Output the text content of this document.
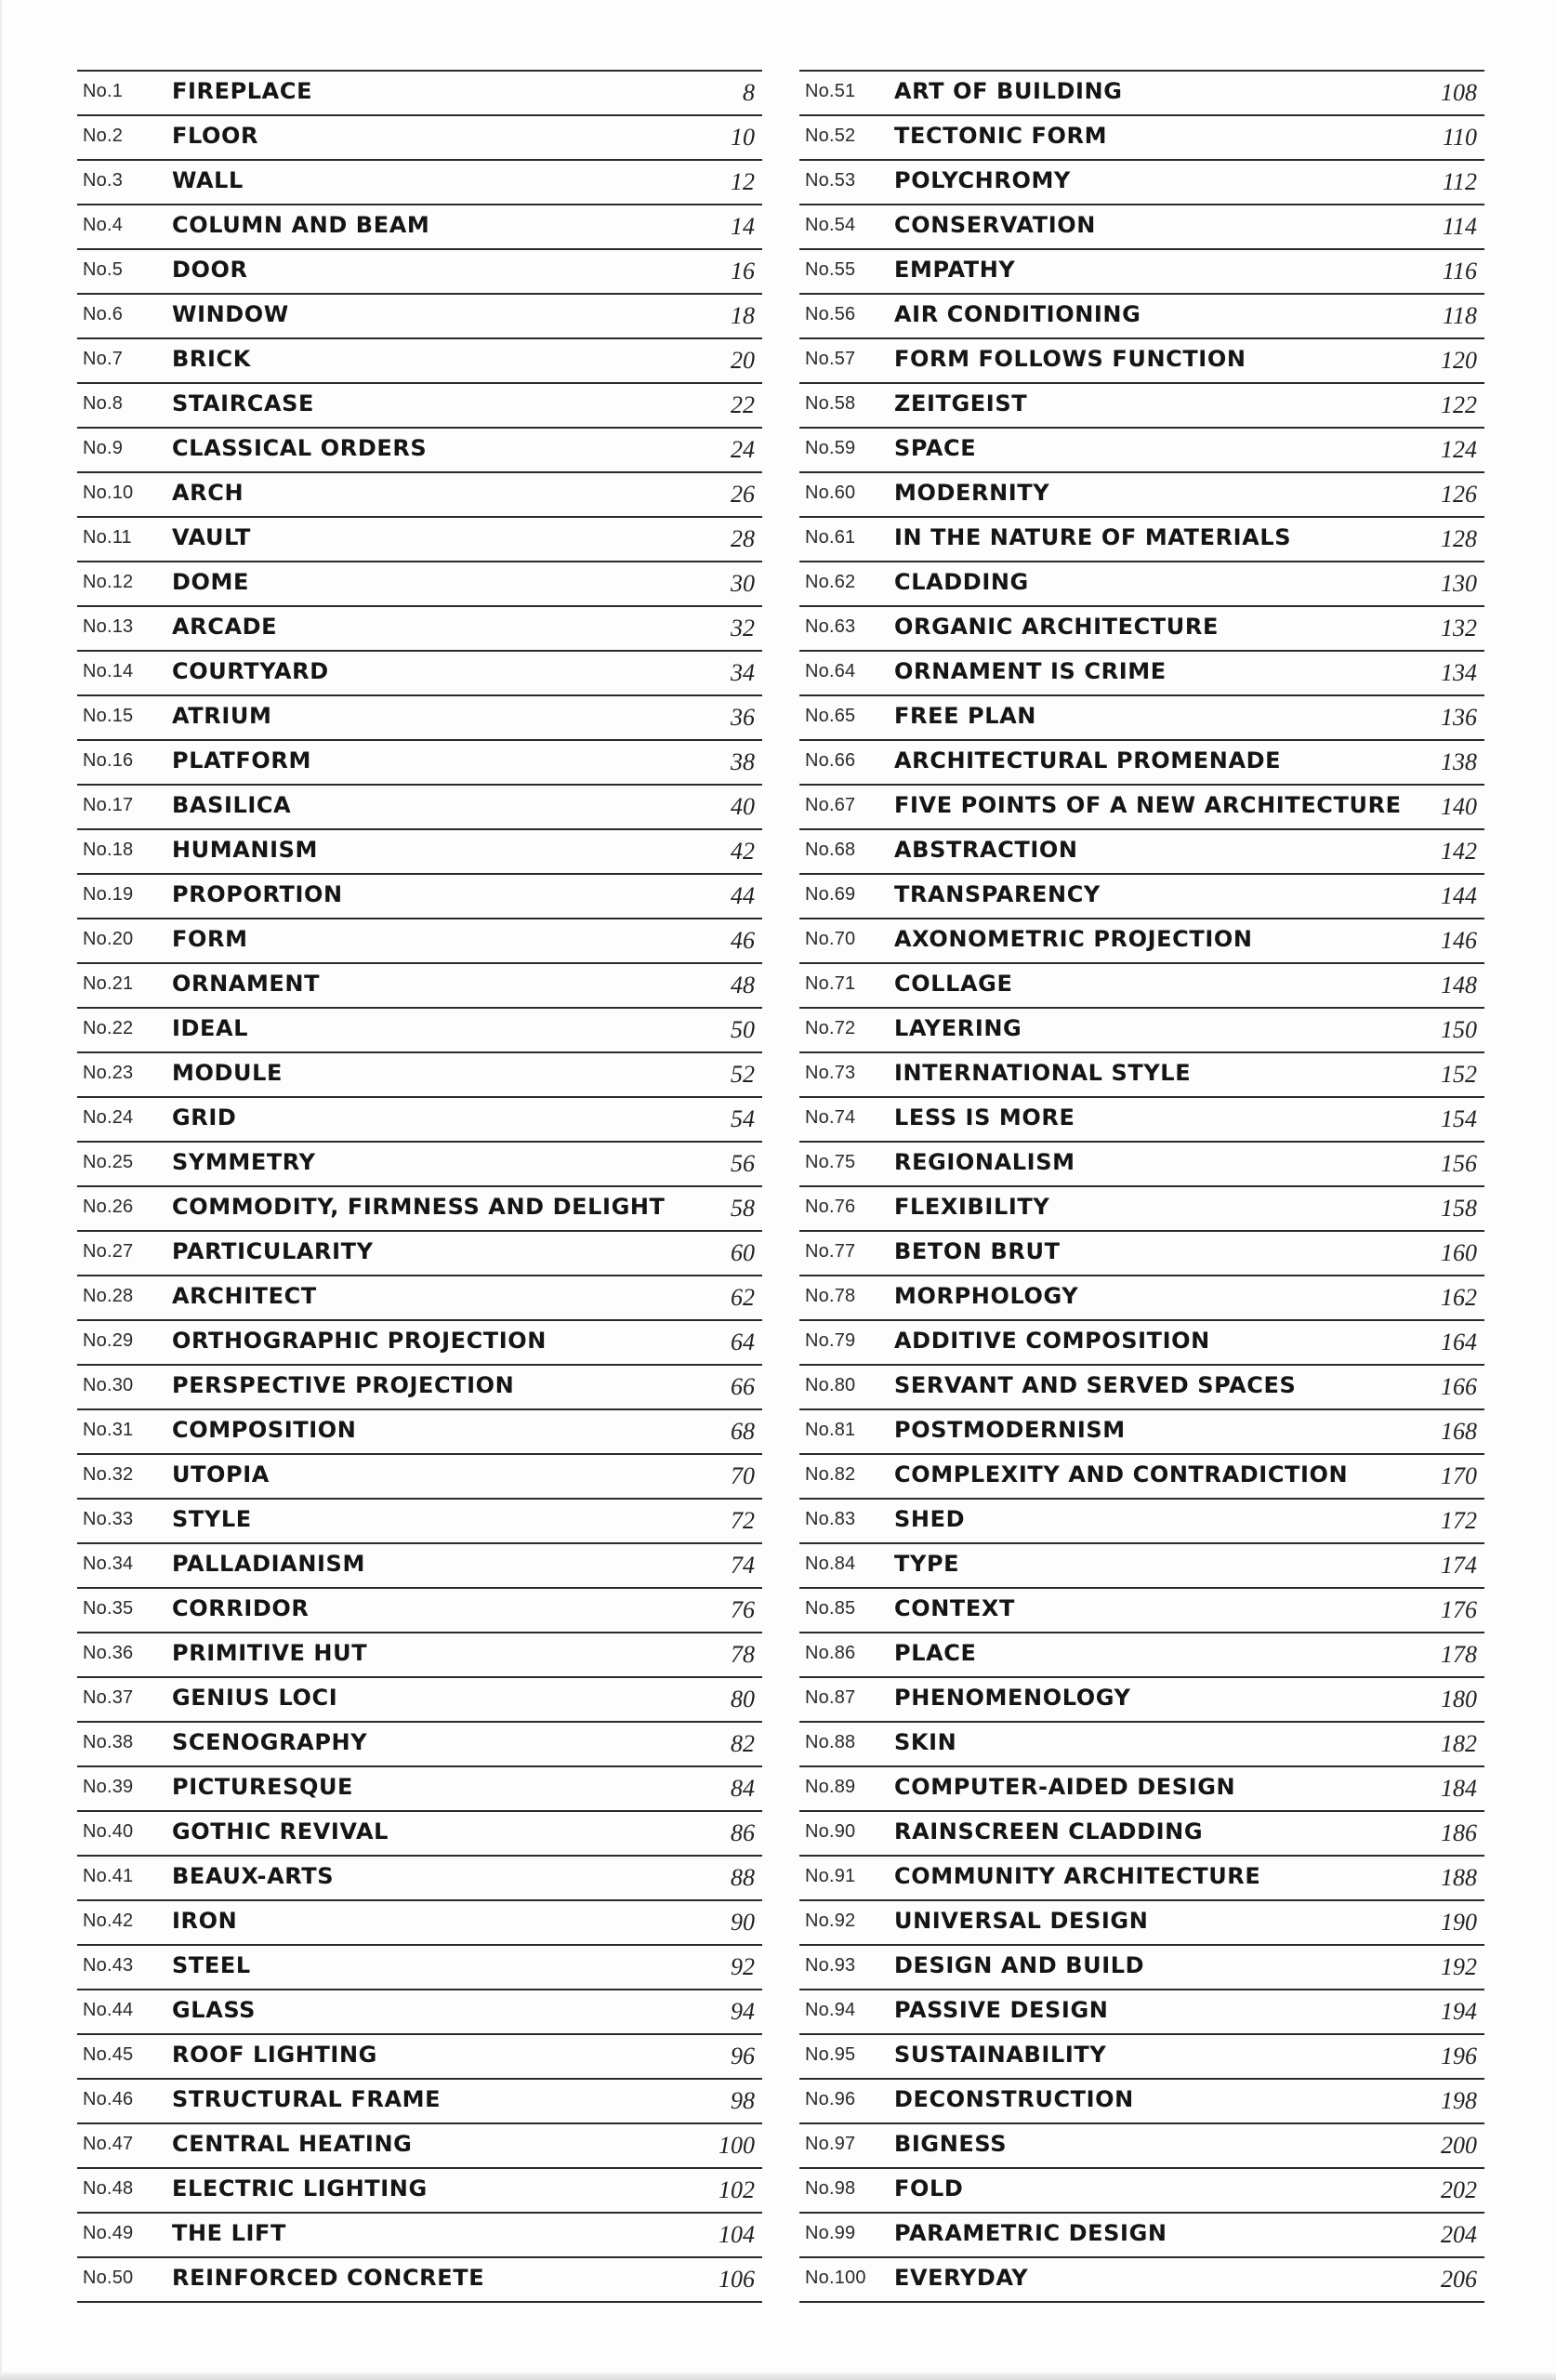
No.1 FIREPLACE	8
No.2 FLOOR	10
No.3 WALL	12
No.4 COLUMN AND BEAM	14
No.5 DOOR	16
No.6 WINDOW	18
No.7 BRICK	20
No.8 STAIRCASE	22
No.9 CLASSICAL ORDERS	24
No.10 ARCH	26
No.11 VAULT	28
No.12 DOME	30
No.13 ARCADE	32
No.14 COURTYARD	34
No.15 ATRIUM	36
No.16 PLATFORM	38
No.17 BASILICA	40
No.18 HUMANISM	42
No.19 PROPORTION	44
No.20 FORM	46
No.21 ORNAMENT	48
No.22 IDEAL	50
No.23 MODULE	52
No.24 GRID	54
No.25 SYMMETRY	56
No.26 COMMODITY, FIRMNESS AND DELIGHT	58
No.27 PARTICULARITY	60
No.28 ARCHITECT	62
No.29 ORTHOGRAPHIC PROJECTION	64
No.30 PERSPECTIVE PROJECTION	66
No.31 COMPOSITION	68
No.32 UTOPIA	70
No.33 STYLE	72
No.34 PALLADIANISM	74
No.35 CORRIDOR	76
No.36 PRIMITIVE HUT	78
No.37 GENIUS LOCI	80
No.38 SCENOGRAPHY	82
No.39 PICTURESQUE	84
No.40 GOTHIC REVIVAL	86
No.41 BEAUX-ARTS	88
No.42 IRON	90
No.43 STEEL	92
No.44 GLASS	94
No.45 ROOF LIGHTING	96
No.46 STRUCTURAL FRAME	98
No.47 CENTRAL HEATING	100
No.48 ELECTRIC LIGHTING	102
No.49 THE LIFT	104
No.50 REINFORCED CONCRETE	106
No.51 ART OF BUILDING	108
No.52 TECTONIC FORM	110
No.53 POLYCHROMY	112
No.54 CONSERVATION	114
No.55 EMPATHY	116
No.56 AIR CONDITIONING	118
No.57 FORM FOLLOWS FUNCTION	120
No.58 ZEITGEIST	122
No.59 SPACE	124
No.60 MODERNITY	126
No.61 IN THE NATURE OF MATERIALS	128
No.62 CLADDING	130
No.63 ORGANIC ARCHITECTURE	132
No.64 ORNAMENT IS CRIME	134
No.65 FREE PLAN	136
No.66 ARCHITECTURAL PROMENADE	138
No.67 FIVE POINTS OF A NEW ARCHITECTURE 140
No.68 ABSTRACTION	142
No.69 TRANSPARENCY	144
No.70 AXONOMETRIC PROJECTION	146
No.71 COLLAGE	148
No.72 LAYERING	150
No.73 INTERNATIONAL STYLE	152
No.74 LESS IS MORE	154
No.75 REGIONALISM	156
No.76 FLEXIBILITY	158
No.77 BETON BRUT	160
No.78 MORPHOLOGY	162
No.79 ADDITIVE COMPOSITION	164
No.80 SERVANT AND SERVED SPACES	166
No.81 POSTMODERNISM	168
No.82 COMPLEXITY AND CONTRADICTION	170
No.83 SHED	172
No.84 TYPE	174
No.85 CONTEXT	176
No.86 PLACE	178
No.87 PHENOMENOLOGY	180
No.88 SKIN	182
No.89 COMPUTER-AIDED DESIGN	184
No.90 RAINSCREEN CLADDING	186
No.91 COMMUNITY ARCHITECTURE	188
No.92 UNIVERSAL DESIGN	190
No.93 DESIGN AND BUILD	192
No.94 PASSIVE DESIGN	194
No.95 SUSTAINABILITY	196
No.96 DECONSTRUCTION	198
No.97 BIGNESS	200
No.98 FOLD	202
No.99 PARAMETRIC DESIGN	204
No.100 EVERYDAY	206
